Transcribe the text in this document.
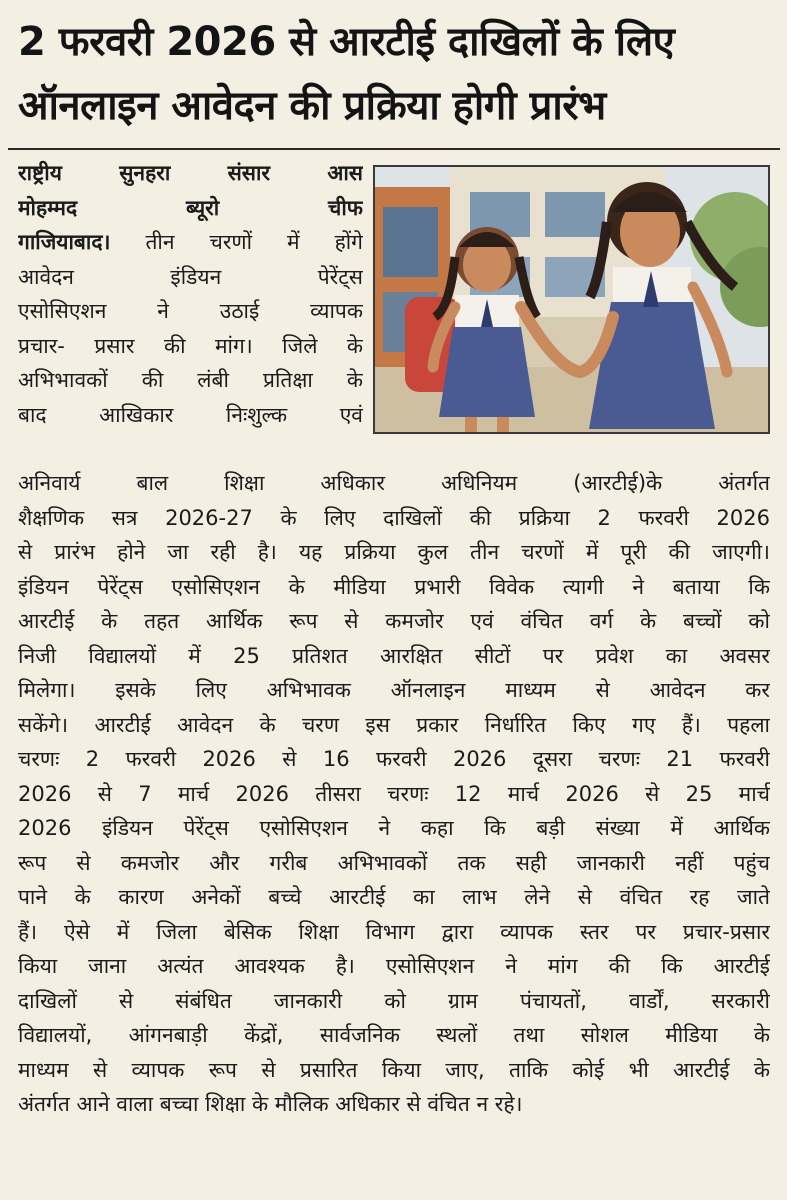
2 फरवरी 2026 से आरटीई दाखिलों के लिए
ऑनलाइन आवेदन की प्रक्रिया होगी प्रारंभ
राष्ट्रीय सुनहरा संसार आस
मोहम्मद ब्यूरो चीफ
गाजियाबाद। तीन चरणों में होंगे
आवेदन इंडियन पेरेंट्स
एसोसिएशन ने उठाई व्यापक
प्रचार- प्रसार की मांग। जिले के
अभिभावकों की लंबी प्रतिक्षा के
बाद आखिकार निःशुल्क एवं
अनिवार्य बाल शिक्षा अधिकार अधिनियम (आरटीई)के अंतर्गत
शैक्षणिक सत्र 2026-27 के लिए दाखिलों की प्रक्रिया 2 फरवरी 2026
से प्रारंभ होने जा रही है। यह प्रक्रिया कुल तीन चरणों में पूरी की जाएगी।
इंडियन पेरेंट्स एसोसिएशन के मीडिया प्रभारी विवेक त्यागी ने बताया कि
आरटीई के तहत आर्थिक रूप से कमजोर एवं वंचित वर्ग के बच्चों को
निजी विद्यालयों में 25 प्रतिशत आरक्षित सीटों पर प्रवेश का अवसर
मिलेगा। इसके लिए अभिभावक ऑनलाइन माध्यम से आवेदन कर
सकेंगे। आरटीई आवेदन के चरण इस प्रकार निर्धारित किए गए हैं। पहला
चरणः 2 फरवरी 2026 से 16 फरवरी 2026 दूसरा चरणः 21 फरवरी
2026 से 7 मार्च 2026 तीसरा चरणः 12 मार्च 2026 से 25 मार्च
2026 इंडियन पेरेंट्स एसोसिएशन ने कहा कि बड़ी संख्या में आर्थिक
रूप से कमजोर और गरीब अभिभावकों तक सही जानकारी नहीं पहुंच
पाने के कारण अनेकों बच्चे आरटीई का लाभ लेने से वंचित रह जाते
हैं। ऐसे में जिला बेसिक शिक्षा विभाग द्वारा व्यापक स्तर पर प्रचार-प्रसार
किया जाना अत्यंत आवश्यक है। एसोसिएशन ने मांग की कि आरटीई
दाखिलों से संबंधित जानकारी को ग्राम पंचायतों, वार्डों, सरकारी
विद्यालयों, आंगनबाड़ी केंद्रों, सार्वजनिक स्थलों तथा सोशल मीडिया के
माध्यम से व्यापक रूप से प्रसारित किया जाए, ताकि कोई भी आरटीई के
अंतर्गत आने वाला बच्चा शिक्षा के मौलिक अधिकार से वंचित न रहे।
